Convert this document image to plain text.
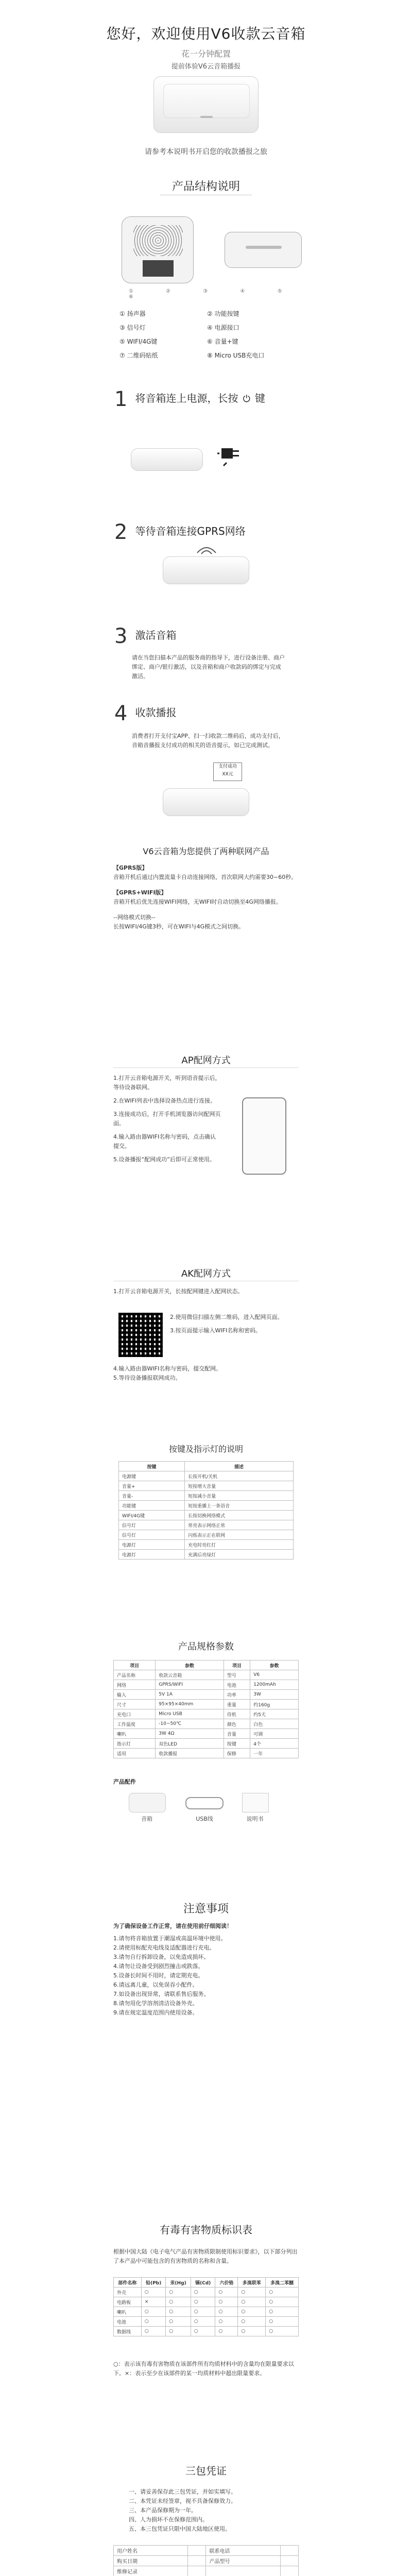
您好，欢迎使用V6收款云音箱
花一分钟配置
提前体验V6云音箱播报
请参考本说明书开启您的收款播报之旅
产品结构说明
① ② ③ ④ ⑤ ⑥
① 扬声器	② 功能按键
③ 信号灯	④ 电源接口
⑤ WIFI/4G键	⑥ 音量+键
⑦ 二维码贴纸	⑧ Micro USB充电口
1 将音箱连上电源，长按 ⏻ 键
2 等待音箱连接GPRS网络
3 激活音箱
请在当您扫描本产品的服务商的指导下，进行设备注册、商户绑定、商户/银行激活，以及音箱和商户收款码的绑定与完成激活。
4 收款播报
消费者打开支付宝APP、扫一扫收款二维码后，成功支付后，音箱音播报支付成功的相关的语音提示，如已完成测试。
支付成功
XX元
V6云音箱为您提供了两种联网产品
【GPRS版】
音箱开机后通过内置流量卡自动连接网络，首次联网大约需要30~60秒。
【GPRS+WIFI版】
音箱开机后优先连接WIFI网络，无WIFI时自动切换至4G网络播报。
--网络模式切换--
长按WIFI/4G键3秒，可在WIFI与4G模式之间切换。
AP配网方式
1.打开云音箱电源开关，听到语音提示后，等待设备联网。
2.在WIFI列表中选择设备热点进行连接。
3.连接成功后，打开手机浏览器访问配网页面。
4.输入路由器WIFI名称与密码，点击确认提交。
5.设备播报“配网成功”后即可正常使用。
AK配网方式
1.打开云音箱电源开关，长按配网键进入配网状态。
2.使用微信扫描左侧二维码，进入配网页面。
3.按页面提示输入WIFI名称和密码。
4.输入路由器WIFI名称与密码，提交配网。
5.等待设备播报联网成功。
按键及指示灯的说明
按键	描述
电源键	长按开机/关机
音量+	短按增大音量
音量-	短按减小音量
功能键	短按重播上一条语音
WIFI/4G键	长按切换网络模式
信号灯	常亮表示网络正常
信号灯	闪烁表示正在联网
电源灯	充电时亮红灯
电源灯	充满后亮绿灯
产品规格参数
项目	参数	项目	参数
产品名称	收款云音箱	型号	V6
网络	GPRS/WIFI	电池	1200mAh
输入	5V 1A	功率	3W
尺寸	95×95×40mm	重量	约160g
充电口	Micro USB	待机	约5天
工作温度	-10~50℃	颜色	白色
喇叭	3W 4Ω	音量	可调
指示灯	双色LED	按键	4个
适用	收款播报	保修	一年
产品配件
音箱	USB线	说明书
注意事项
为了确保设备工作正常，请在使用前仔细阅读！
1.请勿将音箱放置于潮湿或高温环境中使用。
2.请使用标配充电线及适配器进行充电。
3.请勿自行拆卸设备，以免造成损坏。
4.请勿让设备受到剧烈撞击或跌落。
5.设备长时间不用时，请定期充电。
6.请远离儿童，以免误吞小配件。
7.如设备出现异常，请联系售后服务。
8.请勿用化学溶剂清洁设备外壳。
9.请在规定温度范围内使用设备。
有毒有害物质标识表
根据中国大陆《电子电气产品有害物质限制使用标识要求》，以下部分列出了本产品中可能包含的有害物质的名称和含量。
部件名称	铅(Pb)	汞(Hg)	镉(Cd)	六价铬	多溴联苯	多溴二苯醚
外壳	○	○	○	○	○	○
电路板	×	○	○	○	○	○
喇叭	○	○	○	○	○	○
电池	○	○	○	○	○	○
数据线	○	○	○	○	○	○
○：表示该有毒有害物质在该部件所有均质材料中的含量均在限量要求以下。×：表示至少在该部件的某一均质材料中超出限量要求。
三包凭证
一、请妥善保存此三包凭证，并如实填写。
二、本凭证未经签章，视不具备保修效力。
三、本产品保修期为一年。
四、人为损坏不在保修范围内。
五、本三包凭证只限中国大陆地区使用。
用户姓名		联系电话	
购买日期		产品型号	
维修记录			
